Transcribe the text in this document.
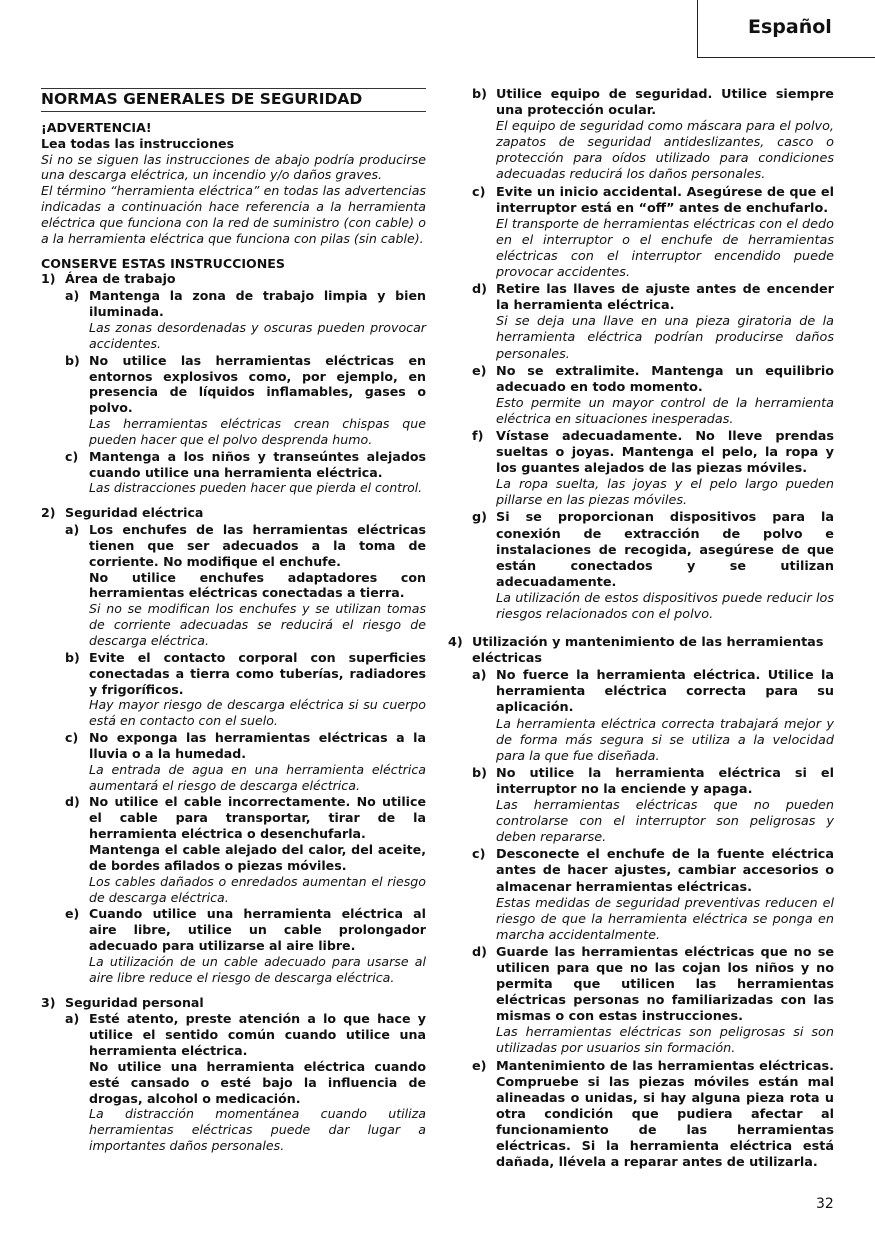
Español
NORMAS GENERALES DE SEGURIDAD

¡ADVERTENCIA!

Lea todas las instrucciones

Si no se siguen las instrucciones de abajo podría producirse una descarga eléctrica, un incendio y/o daños graves.

El término “herramienta eléctrica” en todas las advertencias indicadas a continuación hace referencia a la herramienta eléctrica que funciona con la red de suministro (con cable) o a la herramienta eléctrica que funciona con pilas (sin cable).

CONSERVE ESTAS INSTRUCCIONES

1) Área de trabajo
a) Mantenga la zona de trabajo limpia y bien iluminada.

Las zonas desordenadas y oscuras pueden provocar accidentes.

b) No utilice las herramientas eléctricas en entornos explosivos como, por ejemplo, en presencia de líquidos inflamables, gases o polvo.

Las herramientas eléctricas crean chispas que pueden hacer que el polvo desprenda humo.

c) Mantenga a los niños y transeúntes alejados cuando utilice una herramienta eléctrica.

Las distracciones pueden hacer que pierda el control.

2) Seguridad eléctrica
a) Los enchufes de las herramientas eléctricas tienen que ser adecuados a la toma de corriente. No modifique el enchufe.

No utilice enchufes adaptadores con herramientas eléctricas conectadas a tierra.

Si no se modifican los enchufes y se utilizan tomas de corriente adecuadas se reducirá el riesgo de descarga eléctrica.

b) Evite el contacto corporal con superficies conectadas a tierra como tuberías, radiadores y frigoríficos.

Hay mayor riesgo de descarga eléctrica si su cuerpo está en contacto con el suelo.

c) No exponga las herramientas eléctricas a la lluvia o a la humedad.

La entrada de agua en una herramienta eléctrica aumentará el riesgo de descarga eléctrica.

d) No utilice el cable incorrectamente. No utilice el cable para transportar, tirar de la herramienta eléctrica o desenchufarla.

Mantenga el cable alejado del calor, del aceite, de bordes afilados o piezas móviles.

Los cables dañados o enredados aumentan el riesgo de descarga eléctrica.

e) Cuando utilice una herramienta eléctrica al aire libre, utilice un cable prolongador adecuado para utilizarse al aire libre.

La utilización de un cable adecuado para usarse al aire libre reduce el riesgo de descarga eléctrica.

3) Seguridad personal
a) Esté atento, preste atención a lo que hace y utilice el sentido común cuando utilice una herramienta eléctrica.

No utilice una herramienta eléctrica cuando esté cansado o esté bajo la influencia de drogas, alcohol o medicación.

La distracción momentánea cuando utiliza herramientas eléctricas puede dar lugar a importantes daños personales.

b) Utilice equipo de seguridad. Utilice siempre una protección ocular.

El equipo de seguridad como máscara para el polvo, zapatos de seguridad antideslizantes, casco o protección para oídos utilizado para condiciones adecuadas reducirá los daños personales.

c) Evite un inicio accidental. Asegúrese de que el interruptor está en “off” antes de enchufarlo.

El transporte de herramientas eléctricas con el dedo en el interruptor o el enchufe de herramientas eléctricas con el interruptor encendido puede provocar accidentes.

d) Retire las llaves de ajuste antes de encender la herramienta eléctrica.

Si se deja una llave en una pieza giratoria de la herramienta eléctrica podrían producirse daños personales.

e) No se extralimite. Mantenga un equilibrio adecuado en todo momento.

Esto permite un mayor control de la herramienta eléctrica en situaciones inesperadas.

f) Vístase adecuadamente. No lleve prendas sueltas o joyas. Mantenga el pelo, la ropa y los guantes alejados de las piezas móviles.

La ropa suelta, las joyas y el pelo largo pueden pillarse en las piezas móviles.

g) Si se proporcionan dispositivos para la conexión de extracción de polvo e instalaciones de recogida, asegúrese de que están conectados y se utilizan adecuadamente.

La utilización de estos dispositivos puede reducir los riesgos relacionados con el polvo.

4) Utilización y mantenimiento de las herramientas eléctricas
a) No fuerce la herramienta eléctrica. Utilice la herramienta eléctrica correcta para su aplicación.

La herramienta eléctrica correcta trabajará mejor y de forma más segura si se utiliza a la velocidad para la que fue diseñada.

b) No utilice la herramienta eléctrica si el interruptor no la enciende y apaga.

Las herramientas eléctricas que no pueden controlarse con el interruptor son peligrosas y deben repararse.

c) Desconecte el enchufe de la fuente eléctrica antes de hacer ajustes, cambiar accesorios o almacenar herramientas eléctricas.

Estas medidas de seguridad preventivas reducen el riesgo de que la herramienta eléctrica se ponga en marcha accidentalmente.

d) Guarde las herramientas eléctricas que no se utilicen para que no las cojan los niños y no permita que utilicen las herramientas eléctricas personas no familiarizadas con las mismas o con estas instrucciones.

Las herramientas eléctricas son peligrosas si son utilizadas por usuarios sin formación.

e) Mantenimiento de las herramientas eléctricas. Compruebe si las piezas móviles están mal alineadas o unidas, si hay alguna pieza rota u otra condición que pudiera afectar al funcionamiento de las herramientas eléctricas. Si la herramienta eléctrica está dañada, llévela a reparar antes de utilizarla.

32
